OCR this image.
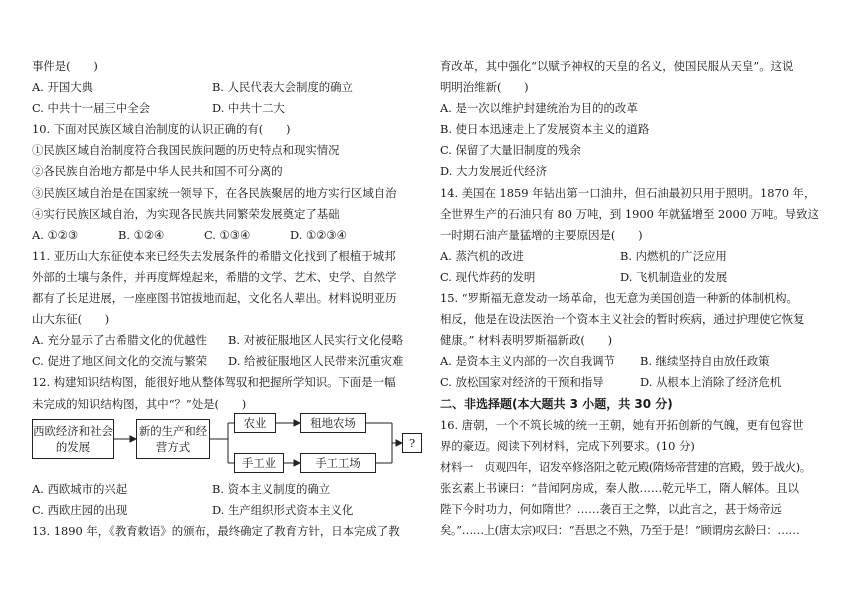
事件是(　　)
A. 开国大典	B. 人民代表大会制度的确立
C. 中共十一届三中全会	D. 中共十二大
10. 下面对民族区域自治制度的认识正确的有(　　)
①民族区域自治制度符合我国民族问题的历史特点和现实情况
②各民族自治地方都是中华人民共和国不可分离的
③民族区域自治是在国家统一领导下，在各民族聚居的地方实行区域自治
④实行民族区域自治，为实现各民族共同繁荣发展奠定了基础
A. ①②③	B. ①②④	C. ①③④	D. ①②③④
11. 亚历山大东征使本来已经失去发展条件的希腊文化找到了根植于城邦
外部的土壤与条件，并再度辉煌起来，希腊的文学、艺术、史学、自然学
都有了长足进展，一座座图书馆拔地而起，文化名人辈出。材料说明亚历
山大东征(　　)
A. 充分显示了古希腊文化的优越性 B. 对被征服地区人民实行文化侵略
C. 促进了地区间文化的交流与繁荣 D. 给被征服地区人民带来沉重灾难
12. 构建知识结构图，能很好地从整体驾驭和把握所学知识。下面是一幅
未完成的知识结构图，其中“？”处是(　　)
西欧经济和社会的发展
新的生产和经营方式
农业	租地农场
手工业	手工工场
?
A. 西欧城市的兴起	B. 资本主义制度的确立
C. 西欧庄园的出现	D. 生产组织形式资本主义化
13. 1890 年，《教育敕语》的颁布，最终确定了教育方针，日本完成了教
育改革，其中强化“以赋予神权的天皇的名义，使国民服从天皇”。这说
明明治维新(　　)
A. 是一次以维护封建统治为目的的改革
B. 使日本迅速走上了发展资本主义的道路
C. 保留了大量旧制度的残余
D. 大力发展近代经济
14. 美国在 1859 年钻出第一口油井，但石油最初只用于照明。1870 年，
全世界生产的石油只有 80 万吨，到 1900 年就猛增至 2000 万吨。导致这
一时期石油产量猛增的主要原因是(　　)
A. 蒸汽机的改进	B. 内燃机的广泛应用
C. 现代炸药的发明	D. 飞机制造业的发展
15. “罗斯福无意发动一场革命，也无意为美国创造一种新的体制机构。
相反，他是在设法医治一个资本主义社会的暂时疾病，通过护理使它恢复
健康。” 材料表明罗斯福新政(　　)
A. 是资本主义内部的一次自我调节 B. 继续坚持自由放任政策
C. 放松国家对经济的干预和指导	D. 从根本上消除了经济危机
二、非选择题(本大题共 3 小题，共 30 分)
16. 唐朝，一个不筑长城的统一王朝，她有开拓创新的气魄，更有包容世
界的豪迈。阅读下列材料，完成下列要求。(10 分)
材料一　贞观四年，诏发卒修洛阳之乾元殿(隋炀帝营建的宫殿，毁于战火)。
张玄素上书谏曰：“昔闻阿房成，秦人散……乾元毕工，隋人解体。且以
陛下今时功力，何如隋世？……袭百王之弊，以此言之，甚于炀帝远
矣。”……上(唐太宗)叹曰：“吾思之不熟，乃至于是！”顾谓房玄龄曰：……
